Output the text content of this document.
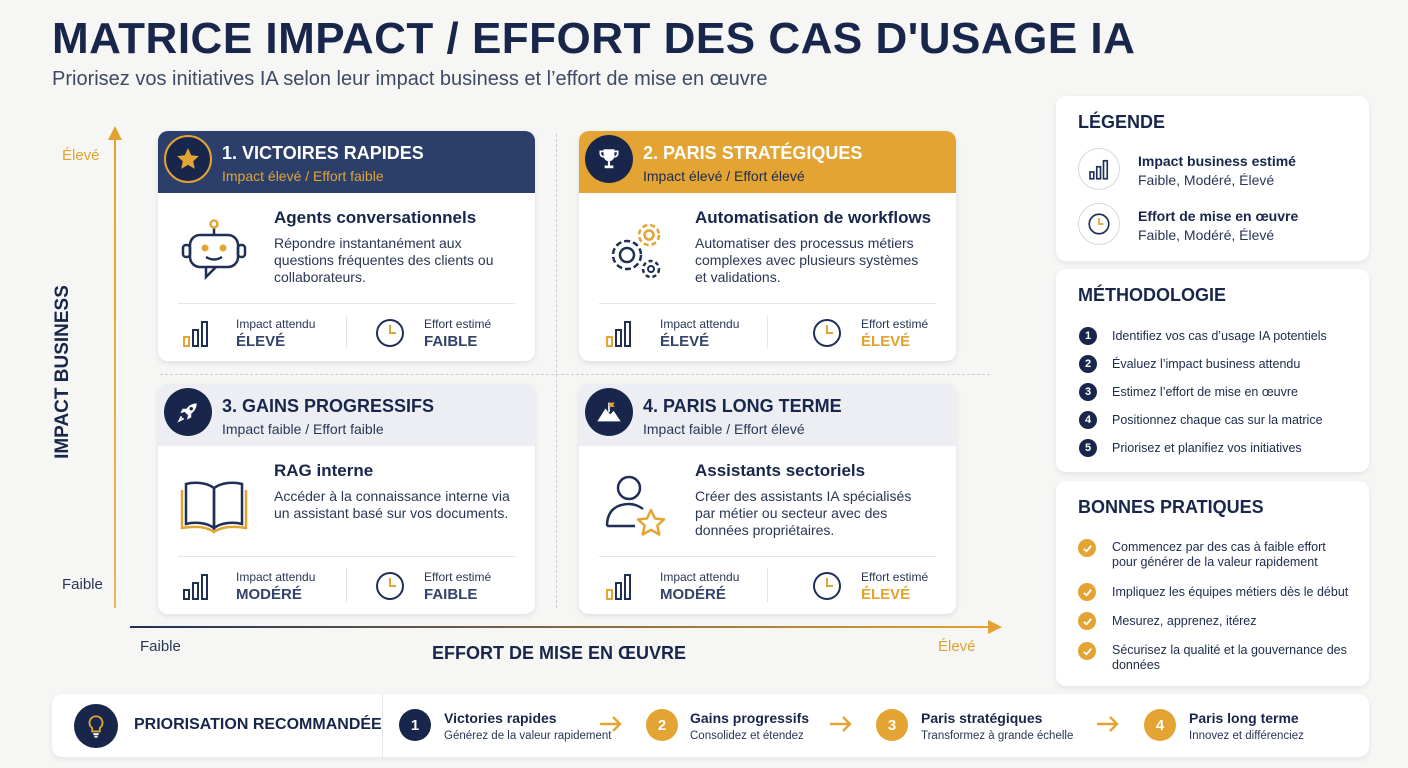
MATRICE IMPACT / EFFORT DES CAS D'USAGE IA
Priorisez vos initiatives IA selon leur impact business et l’effort de mise en œuvre
Élevé
Faible
IMPACT BUSINESS
Faible	Élevé
EFFORT DE MISE EN ŒUVRE
1. VICTOIRES RAPIDES
Impact élevé / Effort faible
Agents conversationnels
Répondre instantanément aux questions fréquentes des clients ou collaborateurs.
Impact attendu
ÉLEVÉ
Effort estimé
FAIBLE
2. PARIS STRATÉGIQUES
Impact élevé / Effort élevé
Automatisation de workflows
Automatiser des processus métiers complexes avec plusieurs systèmes et validations.
Impact attendu
ÉLEVÉ
Effort estimé
ÉLEVÉ
3. GAINS PROGRESSIFS
Impact faible / Effort faible
RAG interne
Accéder à la connaissance interne via un assistant basé sur vos documents.
Impact attendu
MODÉRÉ
Effort estimé
FAIBLE
4. PARIS LONG TERME
Impact faible / Effort élevé
Assistants sectoriels
Créer des assistants IA spécialisés par métier ou secteur avec des données propriétaires.
Impact attendu
MODÉRÉ
Effort estimé
ÉLEVÉ
LÉGENDE
Impact business estimé
Faible, Modéré, Élevé
Effort de mise en œuvre
Faible, Modéré, Élevé
MÉTHODOLOGIE
1	Identifiez vos cas d’usage IA potentiels
2	Évaluez l’impact business attendu
3	Estimez l’effort de mise en œuvre
4	Positionnez chaque cas sur la matrice
5	Priorisez et planifiez vos initiatives
BONNES PRATIQUES
Commencez par des cas à faible effort pour générer de la valeur rapidement
Impliquez les équipes métiers dès le début
Mesurez, apprenez, itérez
Sécurisez la qualité et la gouvernance des données
PRIORISATION RECOMMANDÉE	1	Victories rapides
Générez de la valeur rapidement
2	Gains progressifs
Consolidez et étendez
3	Paris stratégiques
Transformez à grande échelle
4	Paris long terme
Innovez et différenciez
